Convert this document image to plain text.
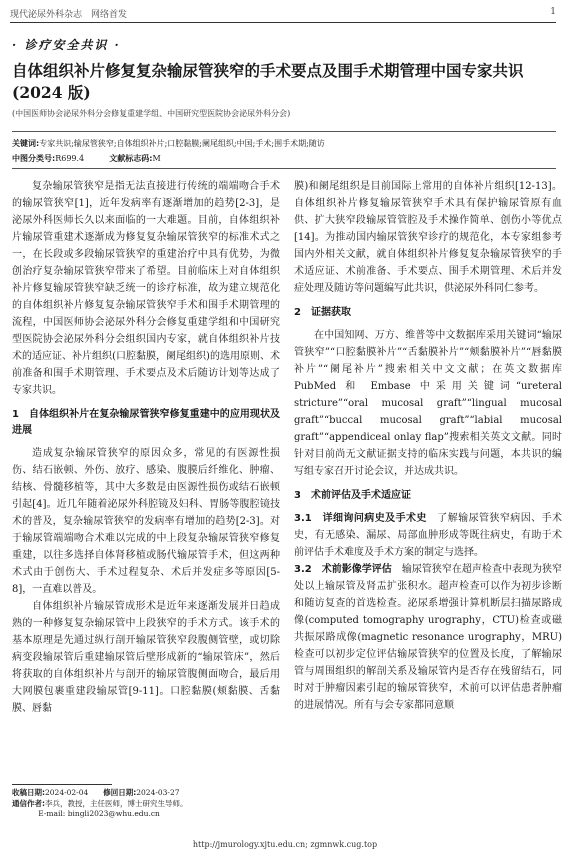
现代泌尿外科杂志　网络首发	1
· 诊疗安全共识 ·
自体组织补片修复复杂输尿管狭窄的手术要点及围手术期管理中国专家共识(2024 版)
(中国医师协会泌尿外科分会修复重建学组、中国研究型医院协会泌尿外科分会)
关键词:专家共识;输尿管狭窄;自体组织补片;口腔黏膜;阑尾组织;中国;手术;围手术期;随访
中图分类号:R699.4	文献标志码:M

复杂输尿管狭窄是指无法直接进行传统的端端吻合手术的输尿管狭窄[1]，近年发病率有逐渐增加的趋势[2-3]，是泌尿外科医师长久以来面临的一大难题。目前，自体组织补片输尿管重建术逐渐成为修复复杂输尿管狭窄的标准术式之一，在长段或多段输尿管狭窄的重建治疗中具有优势，为微创治疗复杂输尿管狭窄带来了希望。目前临床上对自体组织补片修复输尿管狭窄缺乏统一的诊疗标准，故为建立规范化的自体组织补片修复复杂输尿管狭窄手术和围手术期管理的流程，中国医师协会泌尿外科分会修复重建学组和中国研究型医院协会泌尿外科分会组织国内专家，就自体组织补片技术的适应证、补片组织(口腔黏膜，阑尾组织)的选用原则、术前准备和围手术期管理、手术要点及术后随访计划等达成了专家共识。

1　自体组织补片在复杂输尿管狭窄修复重建中的应用现状及进展

造成复杂输尿管狭窄的原因众多，常见的有医源性损伤、结石嵌顿、外伤、放疗、感染、腹膜后纤维化、肿瘤、结核、骨髓移植等，其中大多数是由医源性损伤或结石嵌顿引起[4]。近几年随着泌尿外科腔镜及妇科、胃肠等腹腔镜技术的普及，复杂输尿管狭窄的发病率有增加的趋势[2-3]。对于输尿管端端吻合术难以完成的中上段复杂输尿管狭窄修复重建，以往多选择自体肾移植或肠代输尿管手术，但这两种术式由于创伤大、手术过程复杂、术后并发症多等原因[5-8]，一直难以普及。

自体组织补片输尿管成形术是近年来逐渐发展并日趋成熟的一种修复复杂输尿管中上段狭窄的手术方式。该手术的基本原理是先通过纵行剖开输尿管狭窄段腹侧管壁，或切除病变段输尿管后重建输尿管后壁形成新的“输尿管床”，然后将获取的自体组织补片与剖开的输尿管腹侧面吻合，最后用大网膜包裹重建段输尿管[9-11]。口腔黏膜(颊黏膜、舌黏膜、唇黏

膜)和阑尾组织是目前国际上常用的自体补片组织[12-13]。自体组织补片修复输尿管狭窄手术具有保护输尿管原有血供、扩大狭窄段输尿管管腔及手术操作简单、创伤小等优点[14]。为推动国内输尿管狭窄诊疗的规范化，本专家组参考国内外相关文献，就自体组织补片修复复杂输尿管狭窄的手术适应证、术前准备、手术要点、围手术期管理、术后并发症处理及随访等问题编写此共识，供泌尿外科同仁参考。

2　证据获取

在中国知网、万方、维普等中文数据库采用关键词“输尿管狭窄”“口腔黏膜补片”“舌黏膜补片”“颊黏膜补片”“唇黏膜补片”“阑尾补片”搜索相关中文文献；在英文数据库 PubMed 和 Embase 中采用关键词“ureteral stricture”“oral mucosal graft”“lingual mucosal graft”“buccal mucosal graft”“labial mucosal graft”“appendiceal onlay flap”搜索相关英文文献。同时针对目前尚无文献证据支持的临床实践与问题，本共识的编写组专家召开讨论会议，并达成共识。

3　术前评估及手术适应证

3.1　详细询问病史及手术史　 了解输尿管狭窄病因、手术史，有无感染、漏尿、局部血肿形成等既往病史，有助于术前评估手术难度及手术方案的制定与选择。

3.2　术前影像学评估　 输尿管狭窄在超声检查中表现为狭窄处以上输尿管及肾盂扩张积水。超声检查可以作为初步诊断和随访复查的首选检查。泌尿系增强计算机断层扫描尿路成像(computed tomography urography，CTU)检查或磁共振尿路成像(magnetic resonance urography，MRU)检查可以初步定位评估输尿管狭窄的位置及长度，了解输尿管与周围组织的解剖关系及输尿管内是否存在残留结石，同时对于肿瘤因素引起的输尿管狭窄，术前可以评估患者肿瘤的进展情况。所有与会专家都同意顺

收稿日期:2024-02-04　　 修回日期:2024-03-27
通信作者:李兵，教授，主任医师，博士研究生导师。
E-mail: bingli2023@whu.edu.cn
http://jmurology.xjtu.edu.cn; zgmnwk.cug.top
